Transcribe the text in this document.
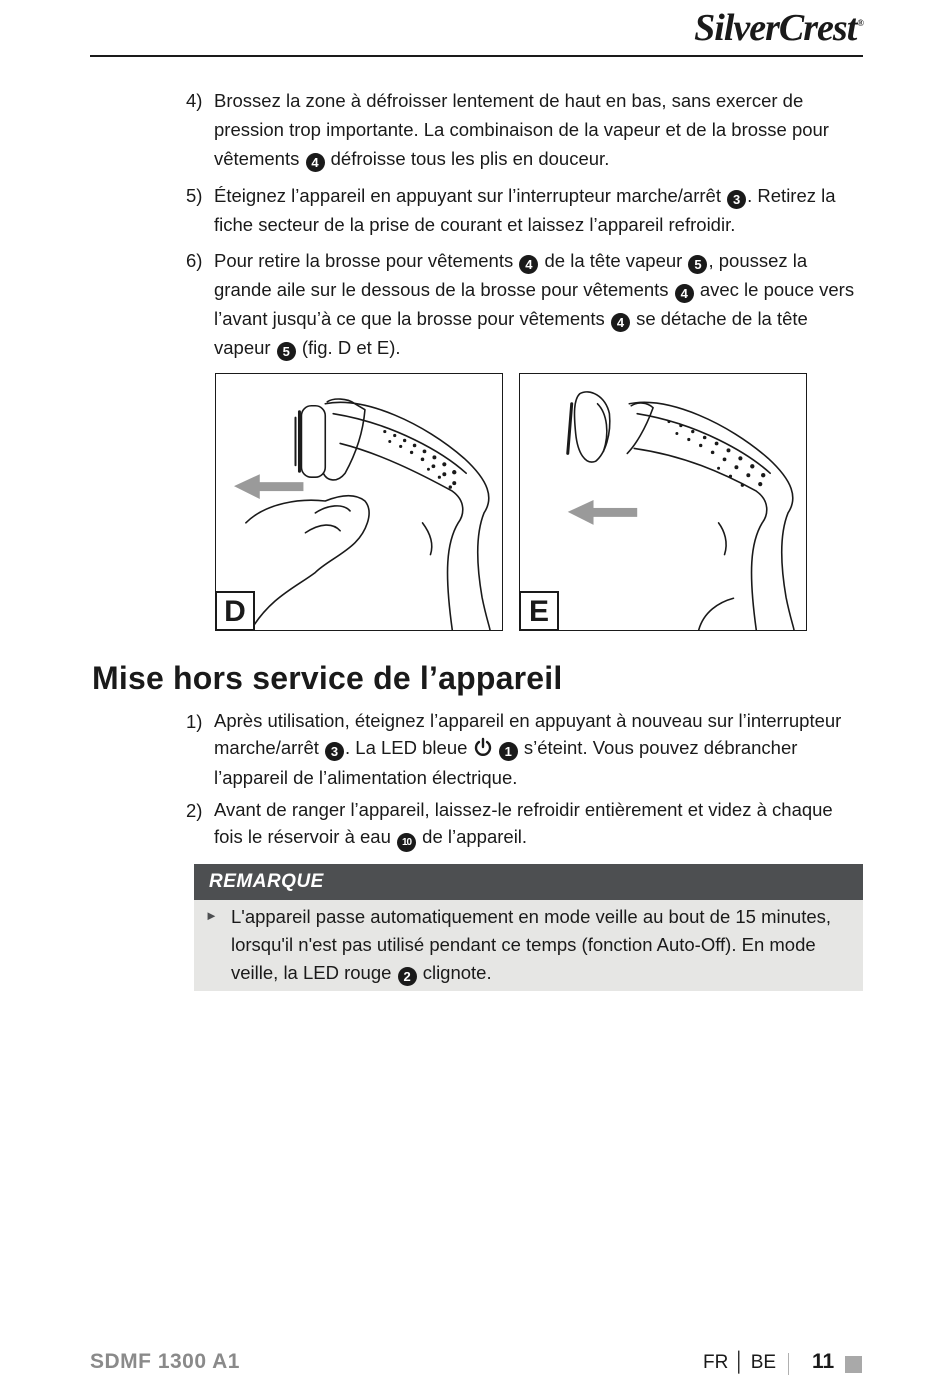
SilverCrest®
4) Brossez la zone à défroisser lentement de haut en bas, sans exercer de pression trop importante. La combinaison de la vapeur et de la brosse pour vêtements 4 défroisse tous les plis en douceur.
5) Éteignez l’appareil en appuyant sur l’interrupteur marche/arrêt 3 . Retirez la fiche secteur de la prise de courant et laissez l’appareil refroidir.
6) Pour retire la brosse pour vêtements 4 de la tête vapeur 5 , poussez la grande aile sur le dessous de la brosse pour vêtements 4 avec le pouce vers l’avant jusqu’à ce que la brosse pour vêtements 4 se détache de la tête vapeur 5 (fig. D et E).
D	E
Mise hors service de l’appareil
1) Après utilisation, éteignez l’appareil en appuyant à nouveau sur l’interrupteur marche/arrêt 3 . La LED bleue  1 s’éteint. Vous pouvez débrancher l’appareil de l’alimentation électrique.
2) Avant de ranger l’appareil, laissez-le refroidir entièrement et videz à chaque fois le réservoir à eau 10 de l’appareil.
REMARQUE
► L'appareil passe automatiquement en mode veille au bout de 15 minutes, lorsqu'il n'est pas utilisé pendant ce temps (fonction Auto-Off). En mode veille, la LED rouge 2 clignote.
SDMF 1300 A1	FR │ BE 11
